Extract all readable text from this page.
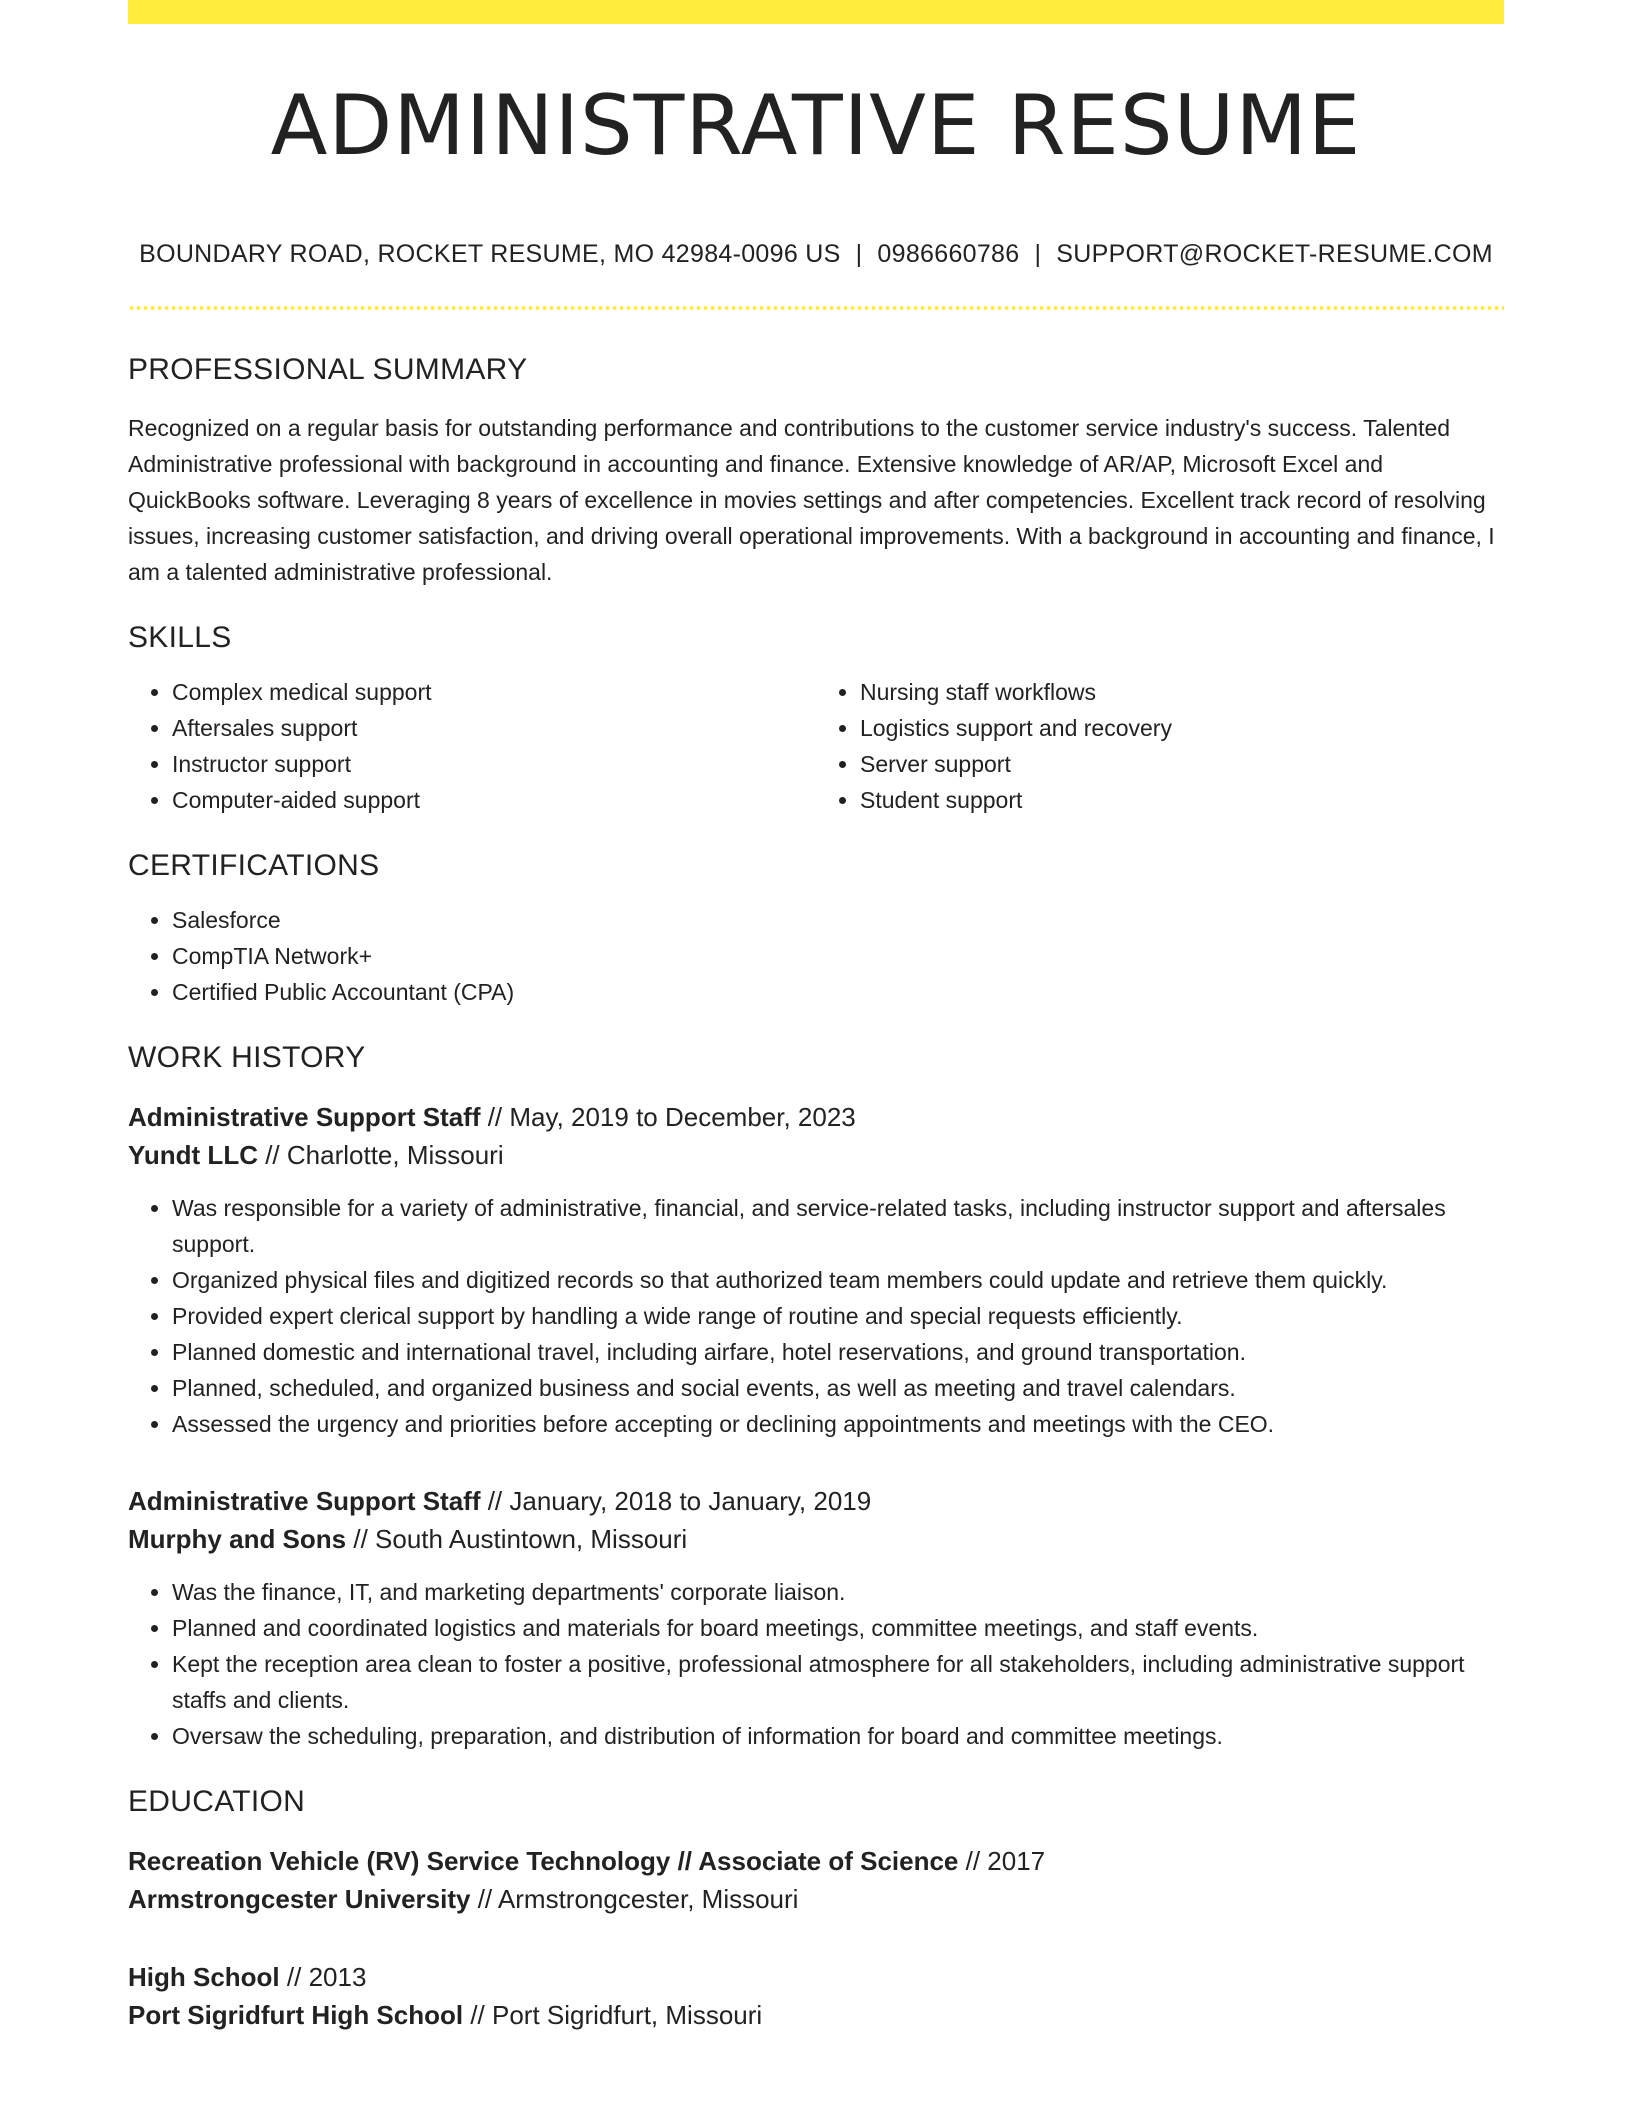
ADMINISTRATIVE RESUME
BOUNDARY ROAD, ROCKET RESUME, MO 42984-0096 US | 0986660786 | SUPPORT@ROCKET-RESUME.COM
PROFESSIONAL SUMMARY

Recognized on a regular basis for outstanding performance and contributions to the customer service industry's success. Talented Administrative professional with background in accounting and finance. Extensive knowledge of AR/AP, Microsoft Excel and QuickBooks software. Leveraging 8 years of excellence in movies settings and after competencies. Excellent track record of resolving issues, increasing customer satisfaction, and driving overall operational improvements. With a background in accounting and finance, I am a talented administrative professional.

SKILLS
• Complex medical support
• Aftersales support
• Instructor support
• Computer-aided support
• Nursing staff workflows
• Logistics support and recovery
• Server support
• Student support
CERTIFICATIONS
• Salesforce
• CompTIA Network+
• Certified Public Accountant (CPA)
WORK HISTORY
Administrative Support Staff // May, 2019 to December, 2023
Yundt LLC // Charlotte, Missouri
• Was responsible for a variety of administrative, financial, and service-related tasks, including instructor support and aftersales support.
• Organized physical files and digitized records so that authorized team members could update and retrieve them quickly.
• Provided expert clerical support by handling a wide range of routine and special requests efficiently.
• Planned domestic and international travel, including airfare, hotel reservations, and ground transportation.
• Planned, scheduled, and organized business and social events, as well as meeting and travel calendars.
• Assessed the urgency and priorities before accepting or declining appointments and meetings with the CEO.
Administrative Support Staff // January, 2018 to January, 2019
Murphy and Sons // South Austintown, Missouri
• Was the finance, IT, and marketing departments' corporate liaison.
• Planned and coordinated logistics and materials for board meetings, committee meetings, and staff events.
• Kept the reception area clean to foster a positive, professional atmosphere for all stakeholders, including administrative support staffs and clients.
• Oversaw the scheduling, preparation, and distribution of information for board and committee meetings.
EDUCATION
Recreation Vehicle (RV) Service Technology // Associate of Science // 2017
Armstrongcester University // Armstrongcester, Missouri
High School // 2013
Port Sigridfurt High School // Port Sigridfurt, Missouri
